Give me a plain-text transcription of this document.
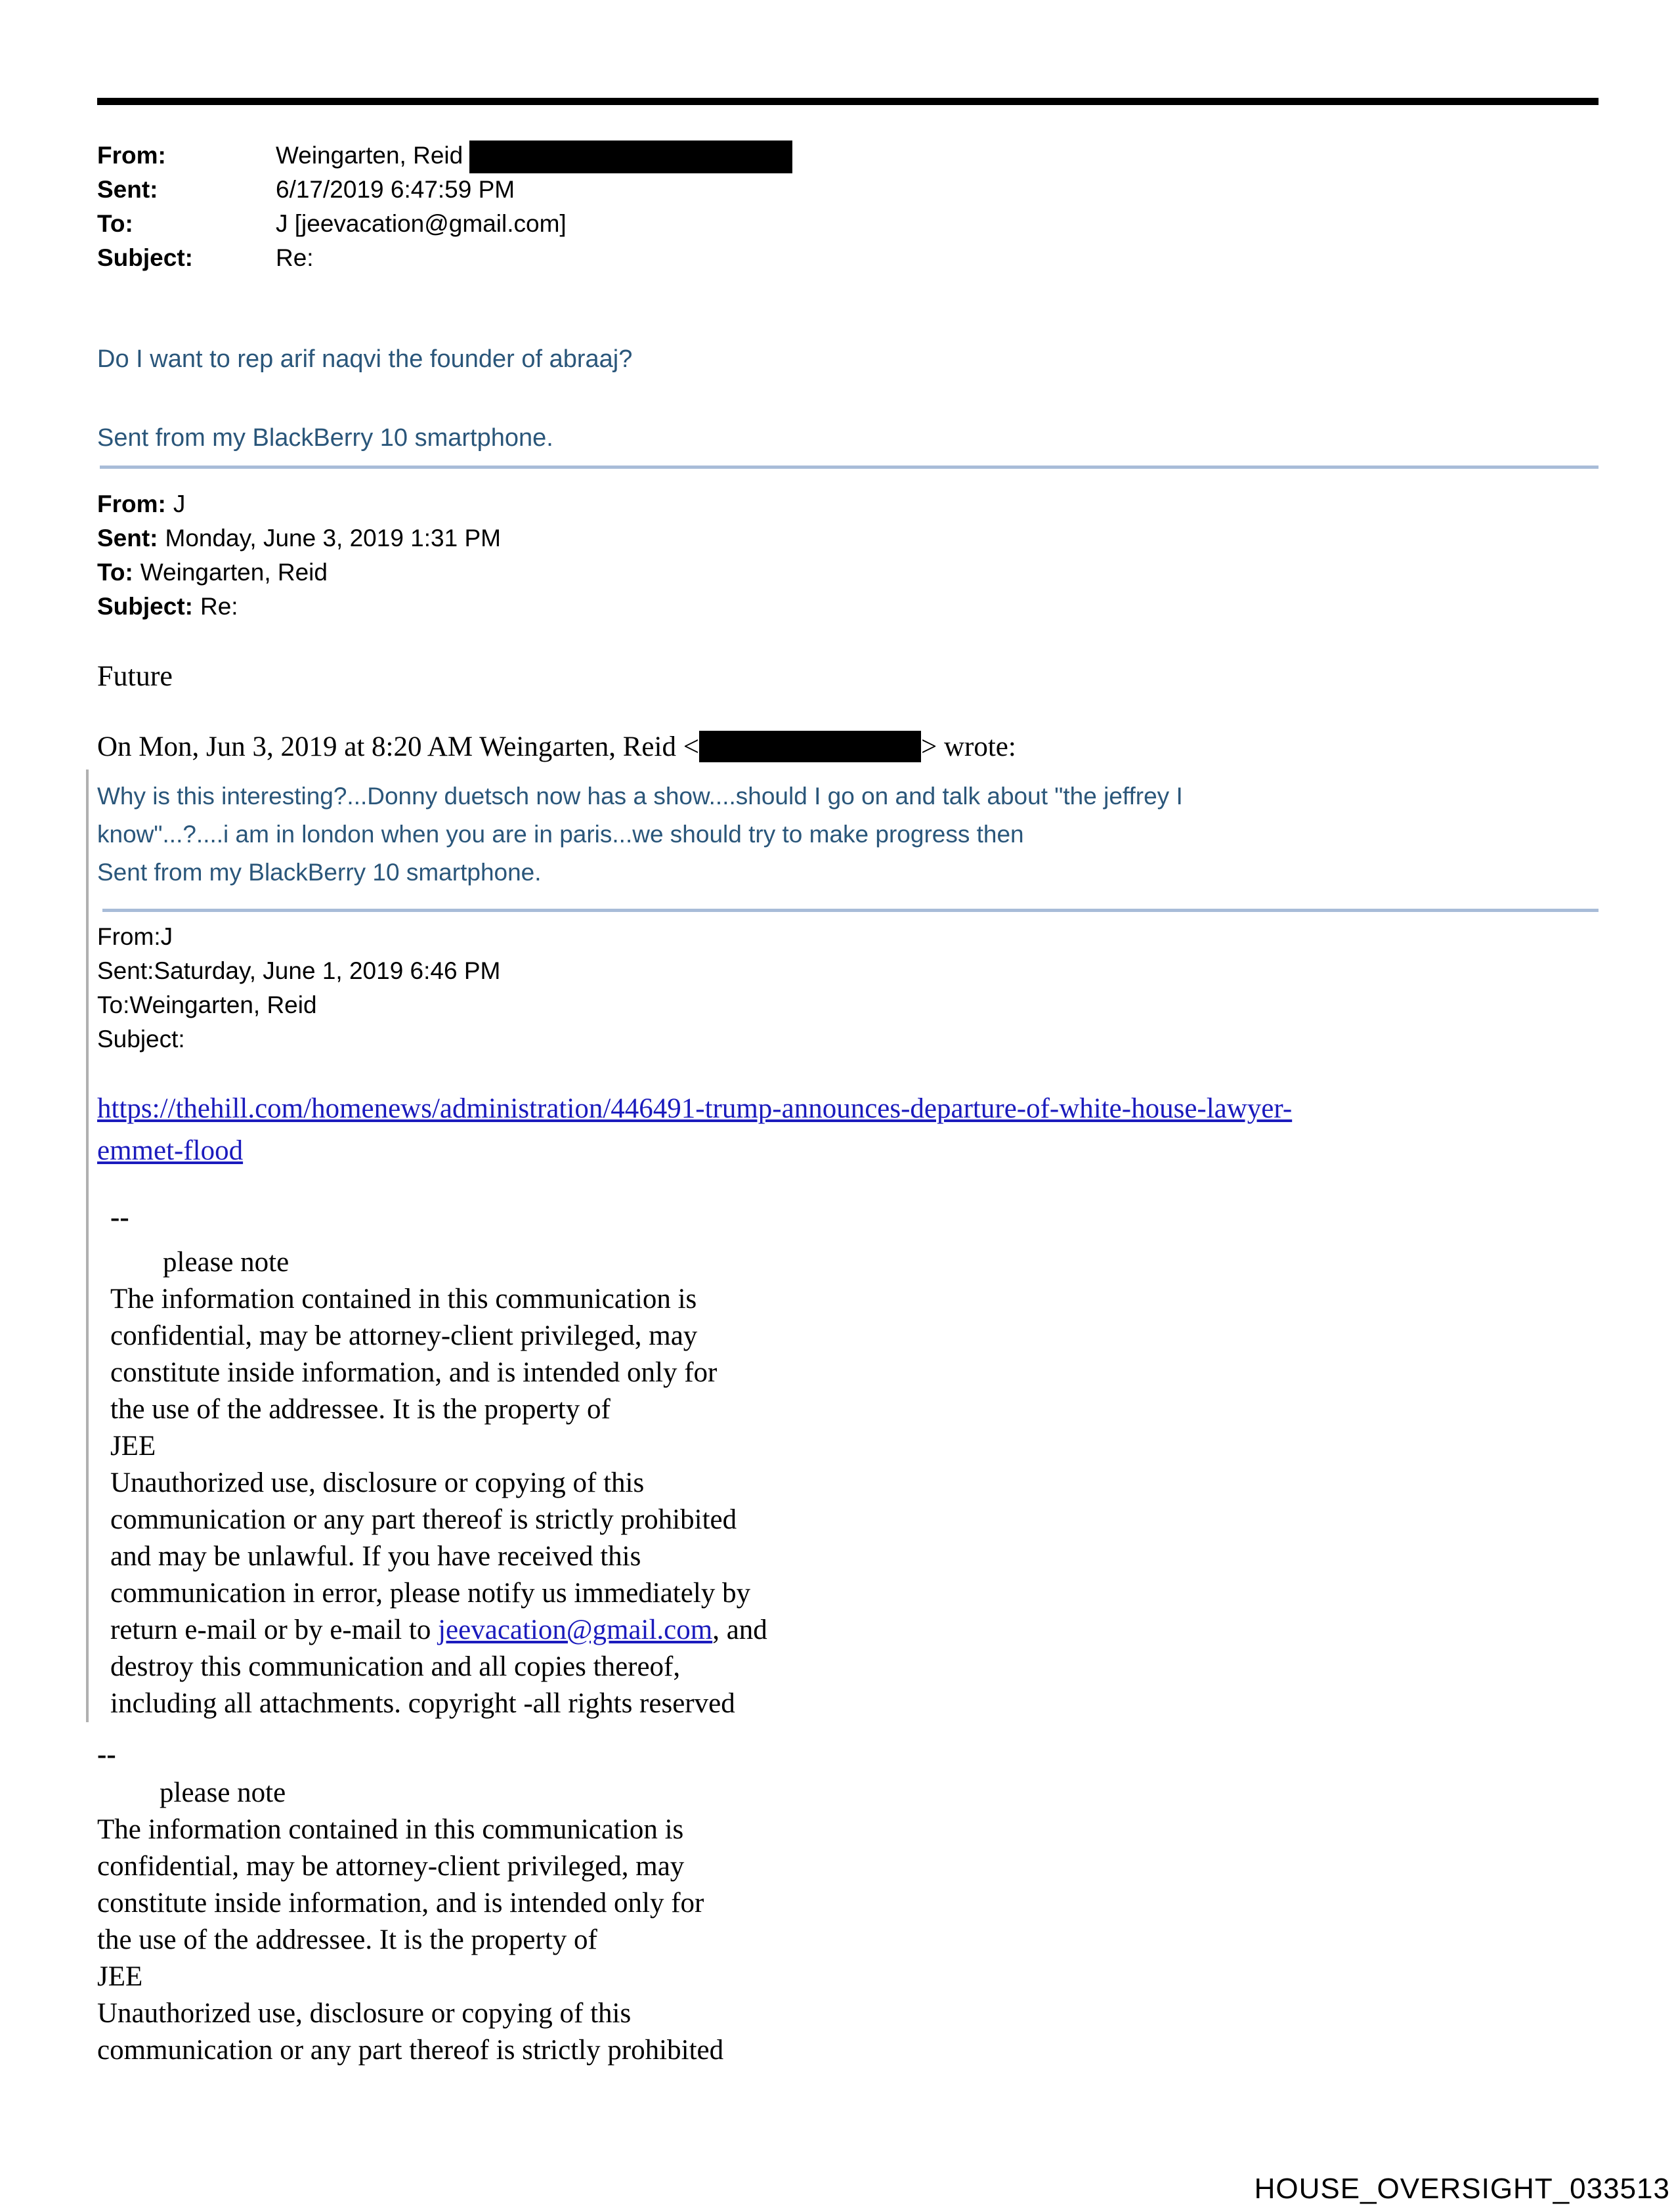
From:	Weingarten, Reid
Sent:	6/17/2019 6:47:59 PM
To:	J [jeevacation@gmail.com]
Subject:	Re:
Do I want to rep arif naqvi the founder of abraaj?
Sent from my BlackBerry 10 smartphone.
From: J
Sent: Monday, June 3, 2019 1:31 PM
To: Weingarten, Reid
Subject: Re:
Future
On Mon, Jun 3, 2019 at 8:20 AM Weingarten, Reid <	> wrote:
Why is this interesting?...Donny duetsch now has a show....should I go on and talk about "the jeffrey I
know"...?....i am in london when you are in paris...we should try to make progress then
Sent from my BlackBerry 10 smartphone.
From:J
Sent:Saturday, June 1, 2019 6:46 PM
To:Weingarten, Reid
Subject:
https://thehill.com/homenews/administration/446491-trump-announces-departure-of-white-house-lawyer-
emmet-flood
--
please note
The information contained in this communication is
confidential, may be attorney-client privileged, may
constitute inside information, and is intended only for
the use of the addressee. It is the property of
JEE
Unauthorized use, disclosure or copying of this
communication or any part thereof is strictly prohibited
and may be unlawful. If you have received this
communication in error, please notify us immediately by
return e-mail or by e-mail to jeevacation@gmail.com, and
destroy this communication and all copies thereof,
including all attachments. copyright -all rights reserved
--
please note
The information contained in this communication is
confidential, may be attorney-client privileged, may
constitute inside information, and is intended only for
the use of the addressee. It is the property of
JEE
Unauthorized use, disclosure or copying of this
communication or any part thereof is strictly prohibited
HOUSE_OVERSIGHT_033513
